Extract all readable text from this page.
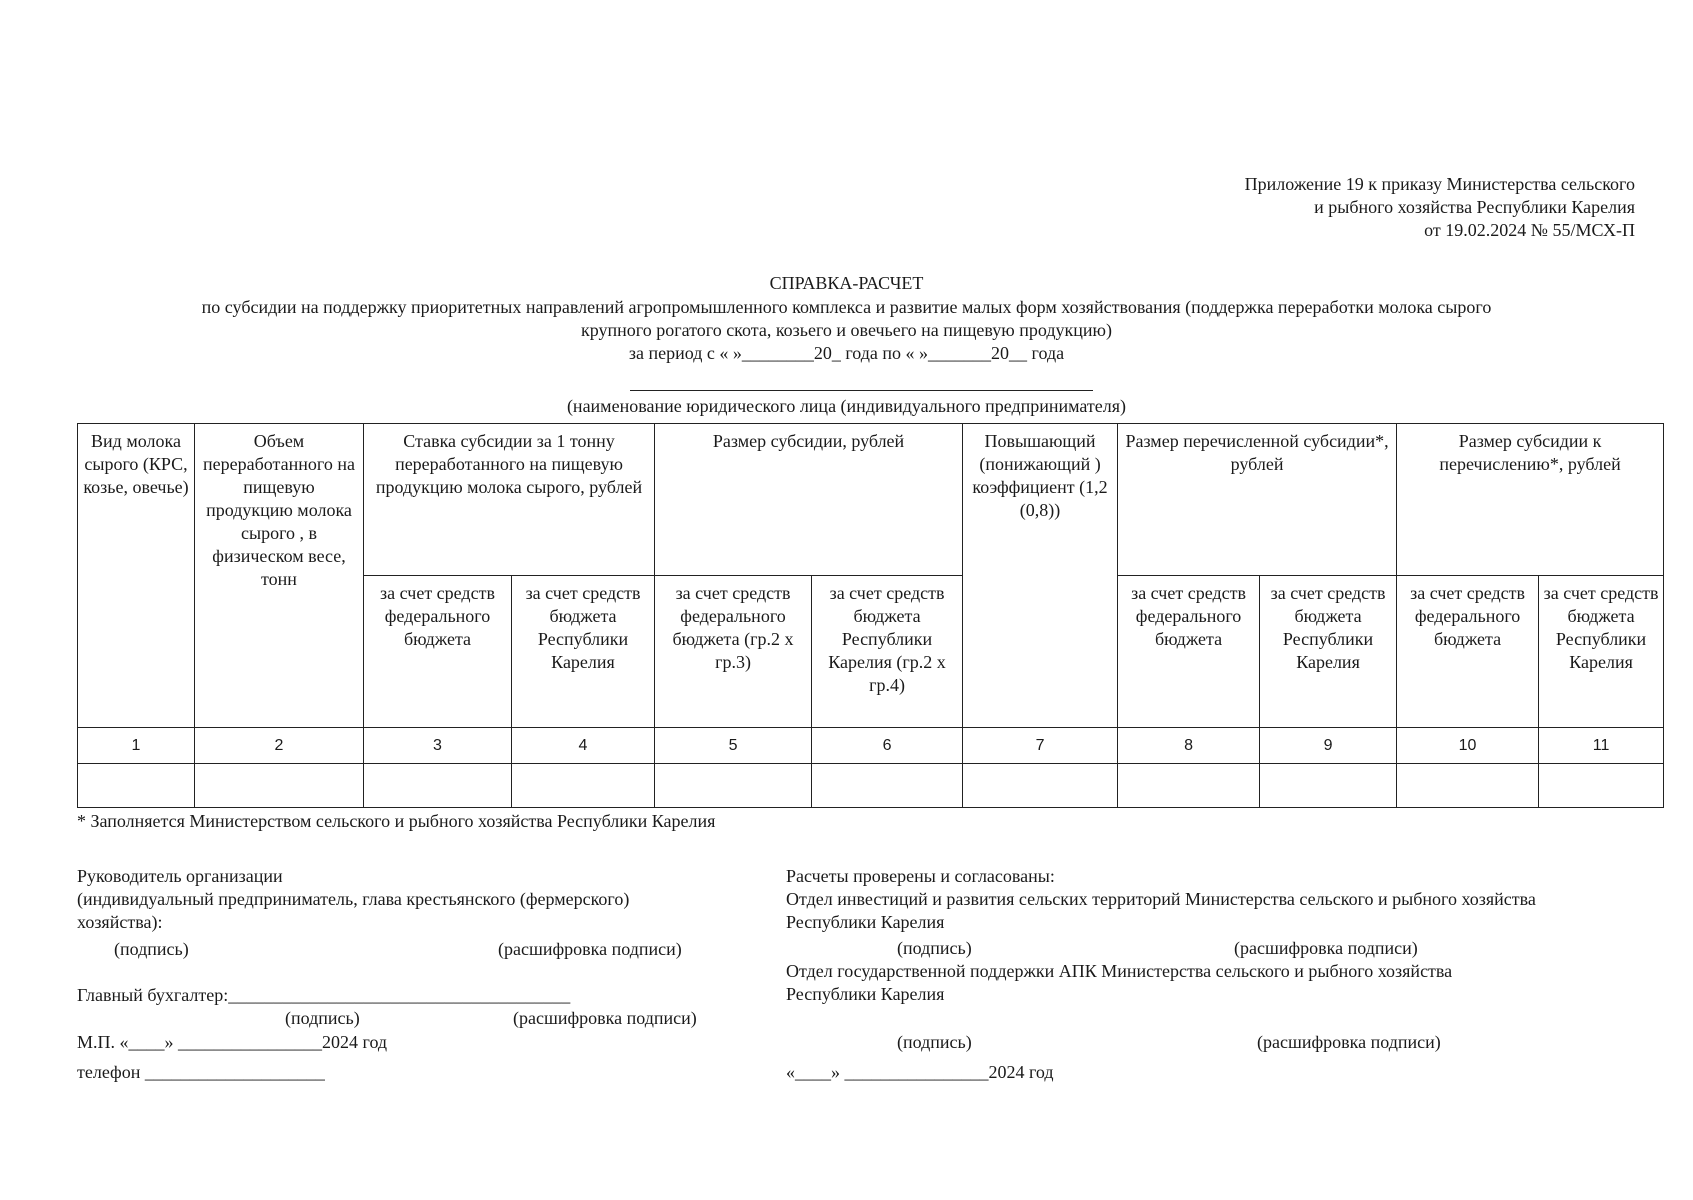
Приложение 19 к приказу Министерства сельского
и рыбного хозяйства Республики Карелия
от 19.02.2024 № 55/МСХ-П
СПРАВКА-РАСЧЕТ
по субсидии на поддержку приоритетных направлений агропромышленного комплекса и развитие малых форм хозяйствования (поддержка переработки молока сырого
крупного рогатого скота, козьего и овечьего на пищевую продукцию)
за период с « »________20_ года по « »_______20__ года
(наименование юридического лица (индивидуального предпринимателя)
Вид молока сырого (КРС, козье, овечье)	Объем переработанного на пищевую продукцию молока сырого , в физическом весе, тонн	Ставка субсидии за 1 тонну переработанного на пищевую продукцию молока сырого, рублей		Размер субсидии, рублей		Повышающий (понижающий ) коэффициент (1,2 (0,8))	Размер перечисленной субсидии*, рублей		Размер субсидии к перечислению*, рублей	
		за счет средств федерального бюджета	за счет средств бюджета Республики Карелия	за счет средств федерального бюджета (гр.2 х гр.3)	за счет средств бюджета Республики Карелия (гр.2 х гр.4)		за счет средств федерального бюджета	за счет средств бюджета Республики Карелия	за счет средств федерального бюджета	за счет средств бюджета Республики Карелия
1	2	3	4	5	6	7	8	9	10	11

* Заполняется Министерством сельского и рыбного хозяйства Республики Карелия
Руководитель организации
(индивидуальный предприниматель, глава крестьянского (фермерского)
хозяйства):
(подпись)	(расшифровка подписи)
Главный бухгалтер:______________________________________
(подпись)	(расшифровка подписи)
М.П. «____» ________________2024 год
телефон ____________________
Расчеты проверены и согласованы:
Отдел инвестиций и развития сельских территорий Министерства сельского и рыбного хозяйства
Республики Карелия
(подпись)	(расшифровка подписи)
Отдел государственной поддержки АПК Министерства сельского и рыбного хозяйства
Республики Карелия
(подпись)	(расшифровка подписи)
«____» ________________2024 год
